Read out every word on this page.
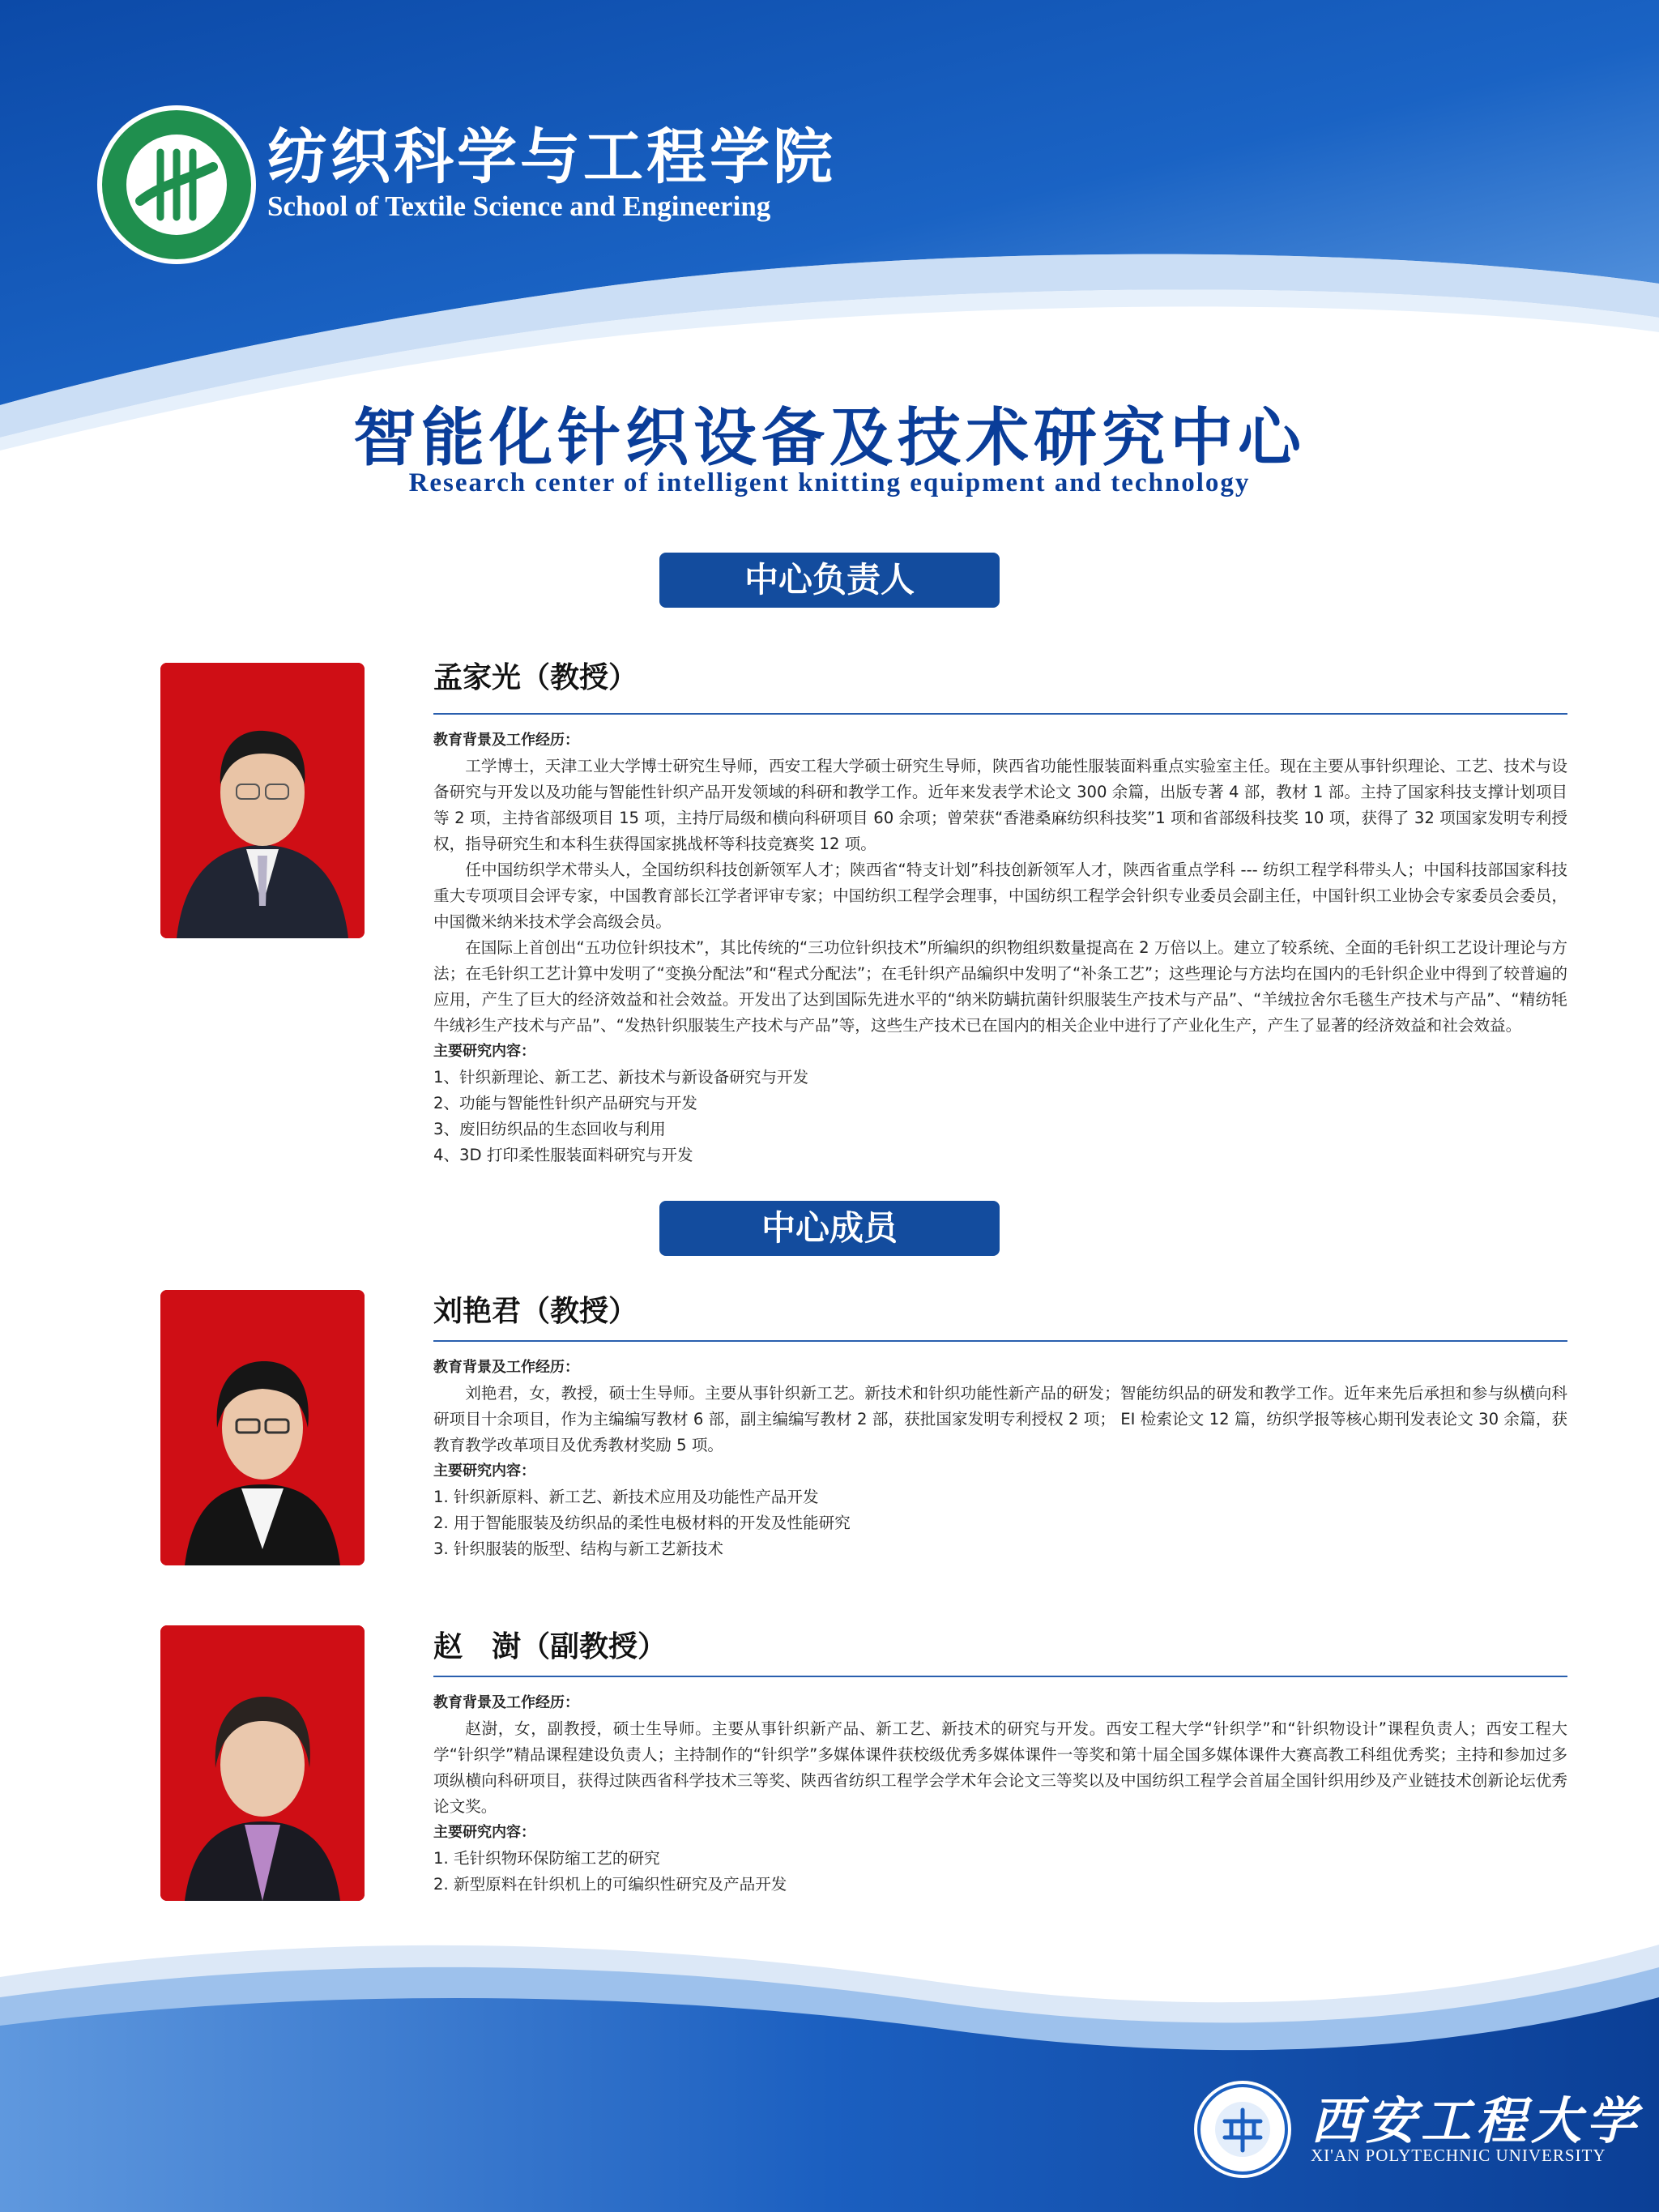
纺织科学与工程学院
School of Textile Science and Engineering
智能化针织设备及技术研究中心
Research center of intelligent knitting equipment and technology
中心负责人
孟家光（教授）
教育背景及工作经历：

工学博士，天津工业大学博士研究生导师，西安工程大学硕士研究生导师，陕西省功能性服装面料重点实验室主任。现在主要从事针织理论、工艺、技术与设备研究与开发以及功能与智能性针织产品开发领域的科研和教学工作。近年来发表学术论文 300 余篇，出版专著 4 部，教材 1 部。主持了国家科技支撑计划项目等 2 项，主持省部级项目 15 项，主持厅局级和横向科研项目 60 余项；曾荣获“香港桑麻纺织科技奖”1 项和省部级科技奖 10 项，获得了 32 项国家发明专利授权，指导研究生和本科生获得国家挑战杯等科技竞赛奖 12 项。

任中国纺织学术带头人，全国纺织科技创新领军人才；陕西省“特支计划”科技创新领军人才，陕西省重点学科 --- 纺织工程学科带头人；中国科技部国家科技重大专项项目会评专家，中国教育部长江学者评审专家；中国纺织工程学会理事，中国纺织工程学会针织专业委员会副主任，中国针织工业协会专家委员会委员，中国微米纳米技术学会高级会员。

在国际上首创出“五功位针织技术”，其比传统的“三功位针织技术”所编织的织物组织数量提高在 2 万倍以上。建立了较系统、全面的毛针织工艺设计理论与方法；在毛针织工艺计算中发明了“变换分配法”和“程式分配法”；在毛针织产品编织中发明了“补条工艺”；这些理论与方法均在国内的毛针织企业中得到了较普遍的应用，产生了巨大的经济效益和社会效益。开发出了达到国际先进水平的“纳米防螨抗菌针织服装生产技术与产品”、“羊绒拉舍尔毛毯生产技术与产品”、“精纺牦牛绒衫生产技术与产品”、“发热针织服装生产技术与产品”等，这些生产技术已在国内的相关企业中进行了产业化生产，产生了显著的经济效益和社会效益。

主要研究内容：
1、针织新理论、新工艺、新技术与新设备研究与开发
2、功能与智能性针织产品研究与开发
3、废旧纺织品的生态回收与利用
4、3D 打印柔性服装面料研究与开发
中心成员
刘艳君（教授）
教育背景及工作经历：

刘艳君，女，教授，硕士生导师。主要从事针织新工艺。新技术和针织功能性新产品的研发；智能纺织品的研发和教学工作。近年来先后承担和参与纵横向科研项目十余项目，作为主编编写教材 6 部，副主编编写教材 2 部，获批国家发明专利授权 2 项； EI 检索论文 12 篇，纺织学报等核心期刊发表论文 30 余篇，获教育教学改革项目及优秀教材奖励 5 项。

主要研究内容：
1. 针织新原料、新工艺、新技术应用及功能性产品开发
2. 用于智能服装及纺织品的柔性电极材料的开发及性能研究
3. 针织服装的版型、结构与新工艺新技术
赵　澍（副教授）
教育背景及工作经历：

赵澍，女，副教授，硕士生导师。主要从事针织新产品、新工艺、新技术的研究与开发。西安工程大学“针织学”和“针织物设计”课程负责人；西安工程大学“针织学”精品课程建设负责人；主持制作的“针织学”多媒体课件获校级优秀多媒体课件一等奖和第十届全国多媒体课件大赛高教工科组优秀奖；主持和参加过多项纵横向科研项目，获得过陕西省科学技术三等奖、陕西省纺织工程学会学术年会论文三等奖以及中国纺织工程学会首届全国针织用纱及产业链技术创新论坛优秀论文奖。

主要研究内容：
1. 毛针织物环保防缩工艺的研究
2. 新型原料在针织机上的可编织性研究及产品开发
西安工程大学
XI'AN POLYTECHNIC UNIVERSITY
